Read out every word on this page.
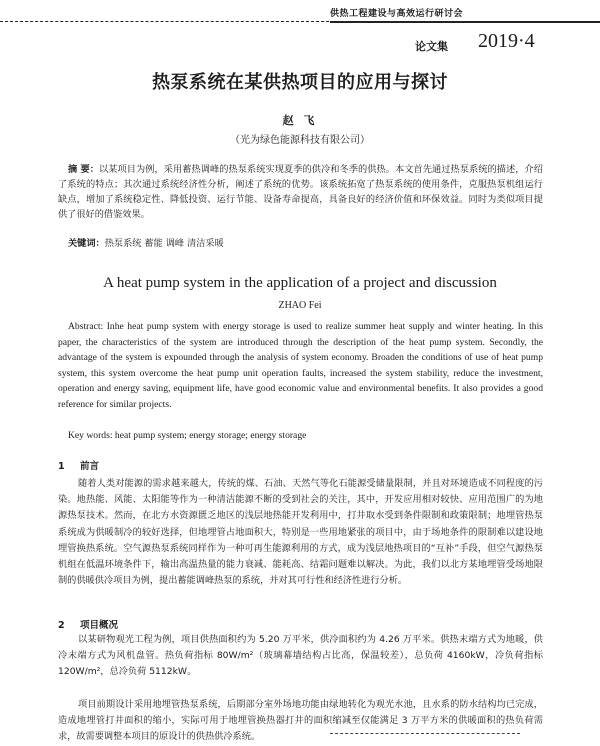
供热工程建设与高效运行研讨会
论文集 2019·4
热泵系统在某供热项目的应用与探讨
赵 飞
（光为绿色能源科技有限公司）

摘 要：以某项目为例，采用蓄热调峰的热泵系统实现夏季的供冷和冬季的供热。本文首先通过热泵系统的描述，介绍了系统的特点；其次通过系统经济性分析，阐述了系统的优势。该系统拓宽了热泵系统的使用条件，克服热泵机组运行缺点，增加了系统稳定性、降低投资、运行节能、设备寿命提高，具备良好的经济价值和环保效益。同时为类似项目提供了很好的借鉴效果。

关键词：热泵系统 蓄能 调峰 清洁采暖

A heat pump system in the application of a project and discussion
ZHAO Fei

Abstract: Inhe heat pump system with energy storage is used to realize summer heat supply and winter heating. In this paper, the characteristics of the system are introduced through the description of the heat pump system. Secondly, the advantage of the system is expounded through the analysis of system economy. Broaden the conditions of use of heat pump system, this system overcome the heat pump unit operation faults, increased the system stability, reduce the investment, operation and energy saving, equipment life, have good economic value and environmental benefits. It also provides a good reference for similar projects.

Key words: heat pump system; energy storage; energy storage

1 前言

随着人类对能源的需求越来越大，传统的煤、石油、天然气等化石能源受储量限制，并且对环境造成不同程度的污染。地热能、风能、太阳能等作为一种清洁能源不断的受到社会的关注，其中，开发应用相对较快、应用范围广的为地源热泵技术。然而，在北方水资源匮乏地区的浅层地热能开发利用中，打井取水受到条件限制和政策限制；地埋管热泵系统成为供暖制冷的较好选择，但地埋管占地面积大，特别是一些用地紧张的项目中，由于场地条件的限制难以建设地埋管换热系统。空气源热泵系统同样作为一种可再生能源利用的方式，成为浅层地热项目的“互补”手段，但空气源热泵机组在低温环境条件下，输出高温热量的能力衰减、能耗高、结霜问题难以解决。为此，我们以北方某地埋管受场地限制的供暖供冷项目为例，提出蓄能调峰热泵的系统，并对其可行性和经济性进行分析。

2 项目概况

以某研物观光工程为例，项目供热面积约为 5.20 万平米，供冷面积约为 4.26 万平米。供热末端方式为地暖，供冷末端方式为风机盘管。热负荷指标 80W/m²（玻璃幕墙结构占比高，保温较差），总负荷 4160kW，冷负荷指标 120W/m²，总冷负荷 5112kW。

项目前期设计采用地埋管热泵系统，后期部分室外场地功能由绿地转化为观光水池，且水系的防水结构均已完成，造成地埋管打井面积的缩小，实际可用于地埋管换热器打井的面积缩减至仅能满足 3 万平方米的供暖面积的热负荷需求，故需要调整本项目的原设计的供热供冷系统。
